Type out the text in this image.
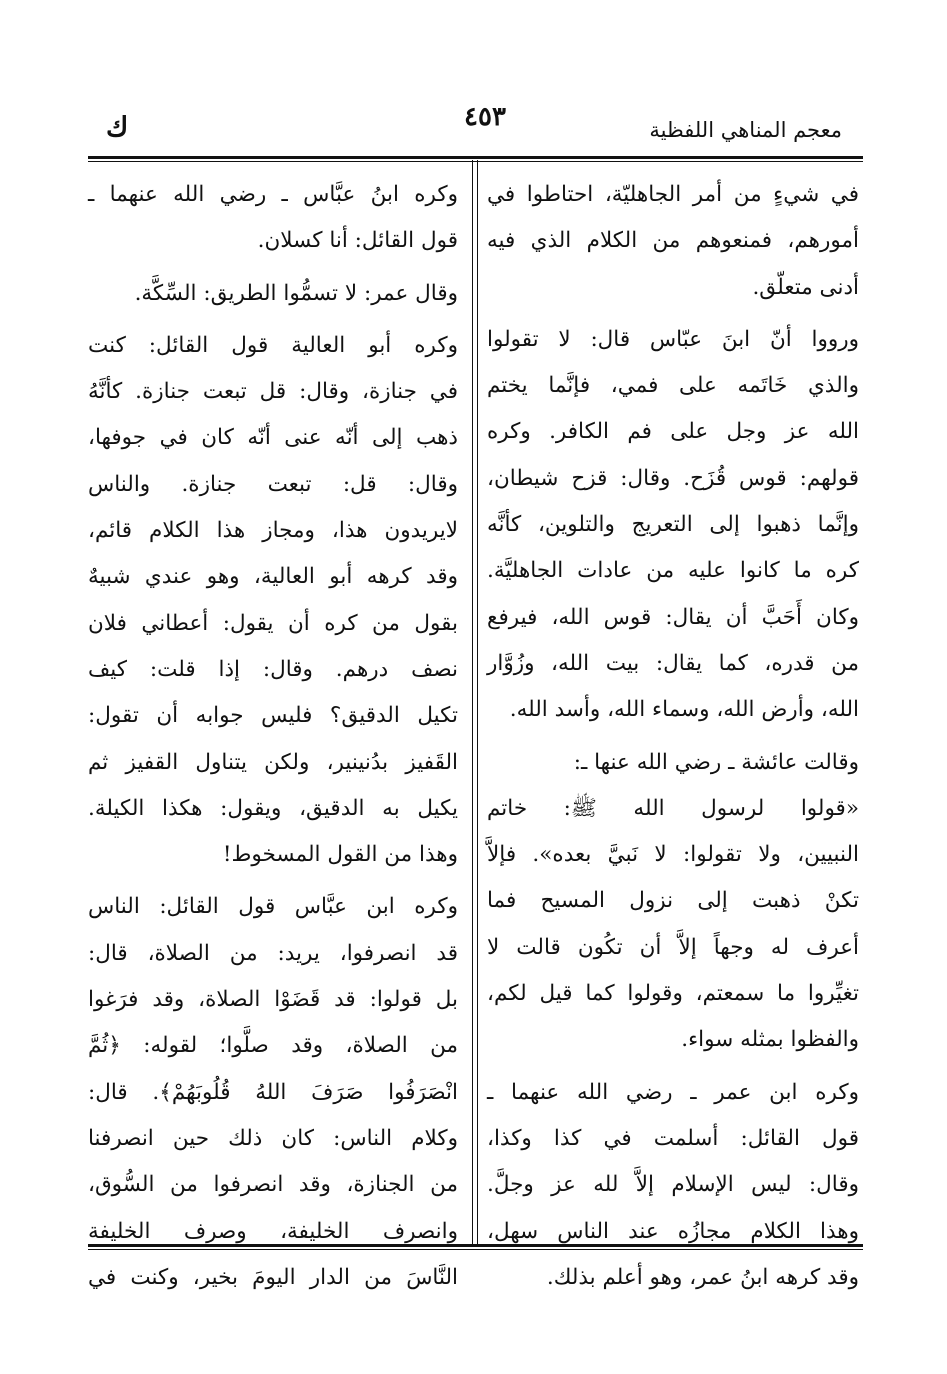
معجم المناهي اللفظية
٤٥٣
ك
في شيءٍ من أمر الجاهليّة، احتاطوا في
أمورهم، فمنعوهم من الكلام الذي فيه
أدنى متعلّق.
ورووا أنّ ابنَ عبّاس قال: لا تقولوا
والذي خَاتَمه على فمي، فإنَّما يختم
الله عز وجل على فم الكافر. وكره
قولهم: قوس قُزَح. وقال: قزح شيطان،
وإنَّما ذهبوا إلى التعريج والتلوين، كأنَّه
كره ما كانوا عليه من عادات الجاهليَّة.
وكان أَحَبَّ أن يقال: قوس الله، فيرفع
من قدره، كما يقال: بيت الله، وزُوَّار
الله، وأرض الله، وسماء الله، وأسد الله.
وقالت عائشة ـ رضي الله عنها ـ:
«قولوا لرسول الله ﷺ: خاتم
النبيين، ولا تقولوا: لا نَبيَّ بعده». فإلاَّ
تكنْ ذهبت إلى نزول المسيح فما
أعرف له وجهاً إلاَّ أن تكُون قالت لا
تغيِّروا ما سمعتم، وقولوا كما قيل لكم،
والفظوا بمثله سواء.
وكره ابن عمر ـ رضي الله عنهما ـ
قول القائل: أسلمت في كذا وكذا،
وقال: ليس الإسلام إلاَّ لله عز وجلَّ.
وهذا الكلام مجازُه عند الناس سهل،
وقد كرهه ابنُ عمر، وهو أعلم بذلك.
وكره ابنُ عبَّاس ـ رضي الله عنهما ـ
قول القائل: أنا كسلان.
وقال عمر: لا تسمُّوا الطريق: السِّكَّة.
وكره أبو العالية قول القائل: كنت
في جنازة، وقال: قل تبعت جنازة. كأنَّهُ
ذهب إلى أنّه عنى أنّه كان في جوفها،
وقال: قل: تبعت جنازة. والناس
لايريدون هذا، ومجاز هذا الكلام قائم،
وقد كرهه أبو العالية، وهو عندي شبيهٌ
بقول من كره أن يقول: أعطاني فلان
نصف درهم. وقال: إذا قلت: كيف
تكيل الدقيق؟ فليس جوابه أن تقول:
القَفيز بدُنينير، ولكن يتناول القفيز ثم
يكيل به الدقيق، ويقول: هكذا الكيلة.
وهذا من القول المسخوط!
وكره ابن عبَّاس قول القائل: الناس
قد انصرفوا، يريد: من الصلاة، قال:
بل قولوا: قد قَضَوْا الصلاة، وقد فرَغوا
من الصلاة، وقد صلَّوا؛ لقوله: ﴿ثُمَّ
انْصَرَفُوا صَرَفَ اللهُ قُلُوبَهُمْ﴾. قال:
وكلام الناس: كان ذلك حين انصرفنا
من الجنازة، وقد انصرفوا من السُّوق،
وانصرف الخليفة، وصرف الخليفة
النَّاسَ من الدار اليومَ بخير، وكنت في
